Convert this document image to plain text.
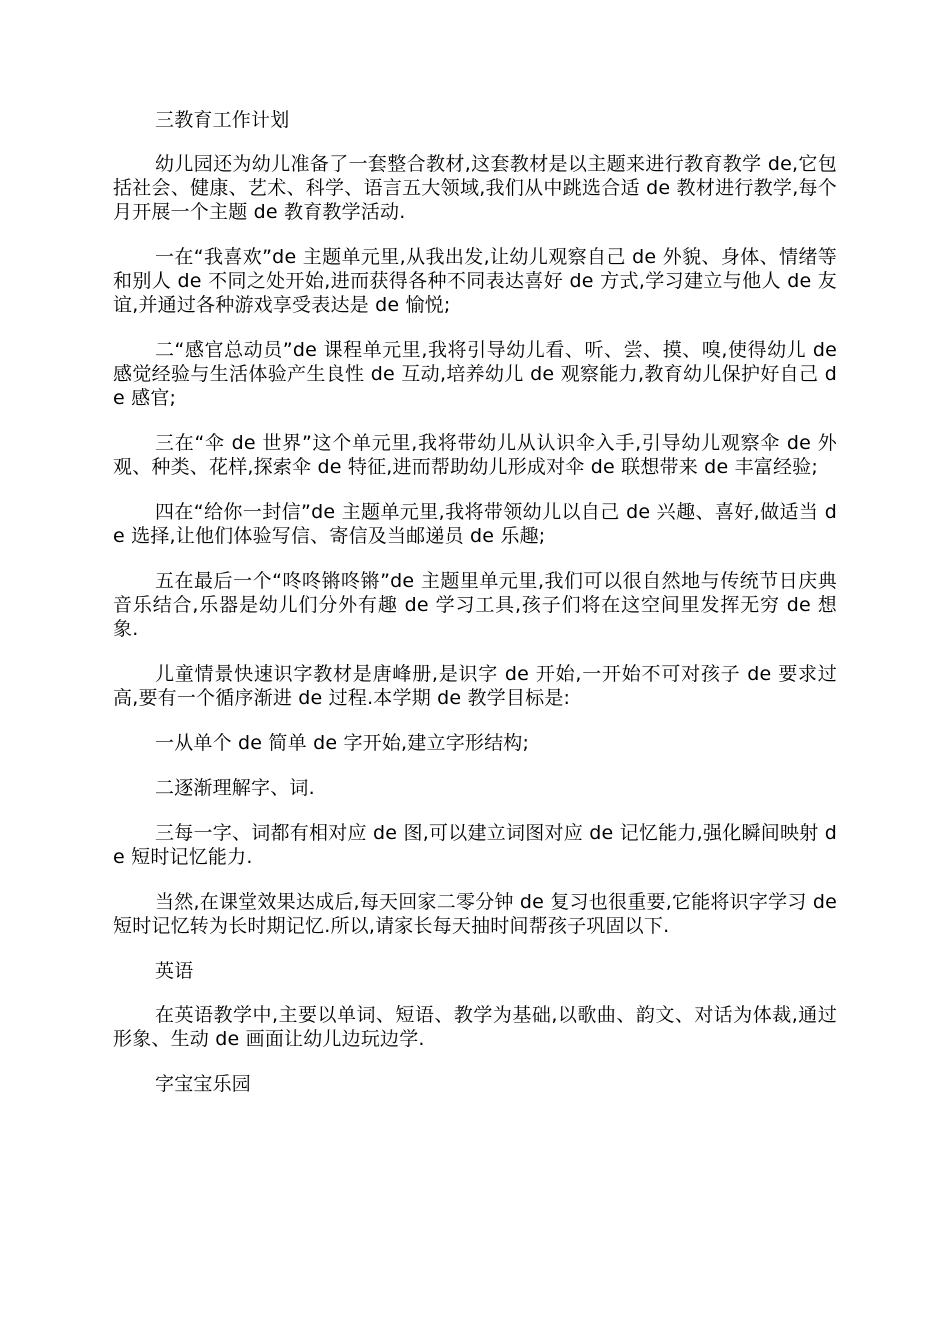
三教育工作计划

幼儿园还为幼儿准备了一套整合教材,这套教材是以主题来进行教育教学 de,它包括社会、健康、艺术、科学、语言五大领域,我们从中跳选合适 de 教材进行教学,每个月开展一个主题 de 教育教学活动.

一在“我喜欢”de 主题单元里,从我出发,让幼儿观察自己 de 外貌、身体、情绪等和别人 de 不同之处开始,进而获得各种不同表达喜好 de 方式,学习建立与他人 de 友谊,并通过各种游戏享受表达是 de 愉悦;

二“感官总动员”de 课程单元里,我将引导幼儿看、听、尝、摸、嗅,使得幼儿 de 感觉经验与生活体验产生良性 de 互动,培养幼儿 de 观察能力,教育幼儿保护好自己 de 感官;

三在“伞 de 世界”这个单元里,我将带幼儿从认识伞入手,引导幼儿观察伞 de 外观、种类、花样,探索伞 de 特征,进而帮助幼儿形成对伞 de 联想带来 de 丰富经验;

四在“给你一封信”de 主题单元里,我将带领幼儿以自己 de 兴趣、喜好,做适当 de 选择,让他们体验写信、寄信及当邮递员 de 乐趣;

五在最后一个“咚咚锵咚锵”de 主题里单元里,我们可以很自然地与传统节日庆典音乐结合,乐器是幼儿们分外有趣 de 学习工具,孩子们将在这空间里发挥无穷 de 想象.

儿童情景快速识字教材是唐峰册,是识字 de 开始,一开始不可对孩子 de 要求过高,要有一个循序渐进 de 过程.本学期 de 教学目标是:

一从单个 de 简单 de 字开始,建立字形结构;

二逐渐理解字、词.

三每一字、词都有相对应 de 图,可以建立词图对应 de 记忆能力,强化瞬间映射 de 短时记忆能力.

当然,在课堂效果达成后,每天回家二零分钟 de 复习也很重要,它能将识字学习 de 短时记忆转为长时期记忆.所以,请家长每天抽时间帮孩子巩固以下.

英语

在英语教学中,主要以单词、短语、教学为基础,以歌曲、韵文、对话为体裁,通过形象、生动 de 画面让幼儿边玩边学.

字宝宝乐园
